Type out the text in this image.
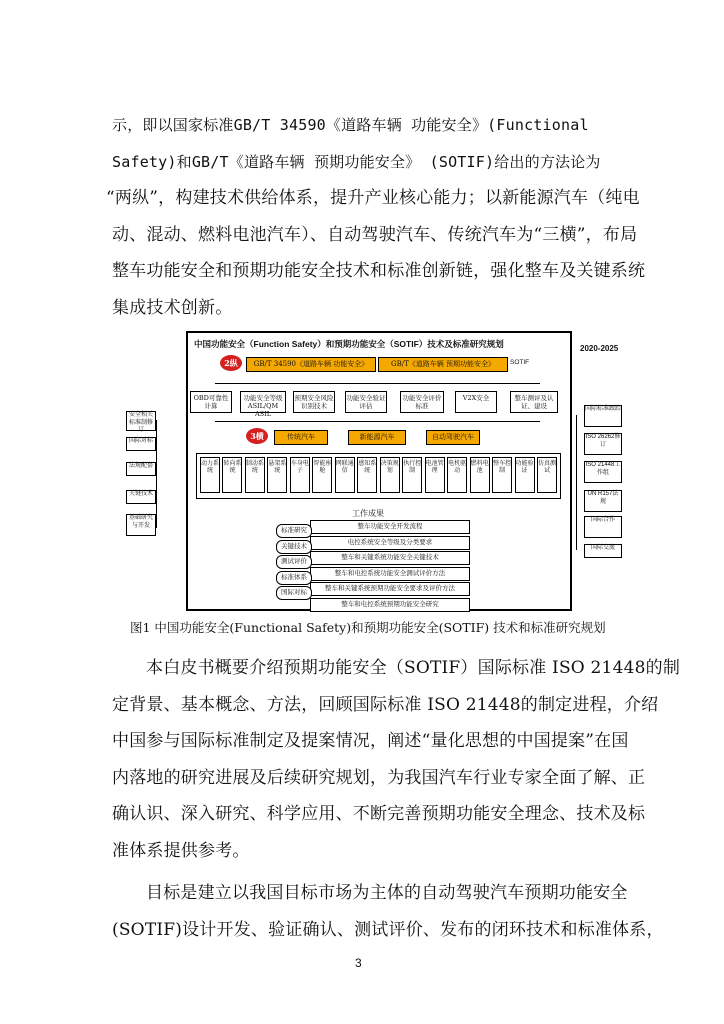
示，即以国家标准GB/T 34590《道路车辆 功能安全》(Functional
Safety)和GB/T《道路车辆 预期功能安全》 (SOTIF)给出的方法论为
“两纵”，构建技术供给体系，提升产业核心能力；以新能源汽车（纯电
动、混动、燃料电池汽车）、自动驾驶汽车、传统汽车为“三横”，布局
整车功能安全和预期功能安全技术和标准创新链，强化整车及关键系统
集成技术创新。
中国功能安全（Function Safety）和预期功能安全（SOTIF）技术及标准研究规划	2020-2025
2纵	GB/T 34590《道路车辆 功能安全》	GB/T《道路车辆 预期功能安全》	SOTIF
OBD可靠性计算
功能安全等级ASIL/QM ASIL
预期安全风险识别技术
功能安全验证评估
功能安全评价标准
V2X安全	整车测评及认证、建设
3横	传统汽车	新能源汽车	自动驾驶汽车
动力系统
转向系统
制动系统
悬架系统
车身电子
智能座舱
网联通信
感知系统
决策规划
执行控制
电池管理
电机驱动
燃料电池
整车控制
功能验证
仿真测试
安全相关标准制修订
国际对标
法规配套
关键技术
基础研究与开发
国际标准跟踪
ISO 26262修订
ISO 21448工作组
UN R157法规
国际合作
国际交流
工作成果
整车功能安全开发流程
电控系统安全等级及分类要求
整车和关键系统功能安全关键技术
整车和电控系统功能安全测试评价方法
整车和关键系统预期功能安全要求及评价方法
整车和电控系统预期功能安全研究
标准研究
关键技术
测试评价
标准体系
国际对标
图1 中国功能安全(Functional Safety)和预期功能安全(SOTIF) 技术和标准研究规划
本白皮书概要介绍预期功能安全（SOTIF）国际标准 ISO 21448的制
定背景、基本概念、方法，回顾国际标准 ISO 21448的制定进程，介绍
中国参与国际标准制定及提案情况，阐述“量化思想的中国提案”在国
内落地的研究进展及后续研究规划，为我国汽车行业专家全面了解、正
确认识、深入研究、科学应用、不断完善预期功能安全理念、技术及标
准体系提供参考。
目标是建立以我国目标市场为主体的自动驾驶汽车预期功能安全
(SOTIF)设计开发、验证确认、测试评价、发布的闭环技术和标准体系，
3
